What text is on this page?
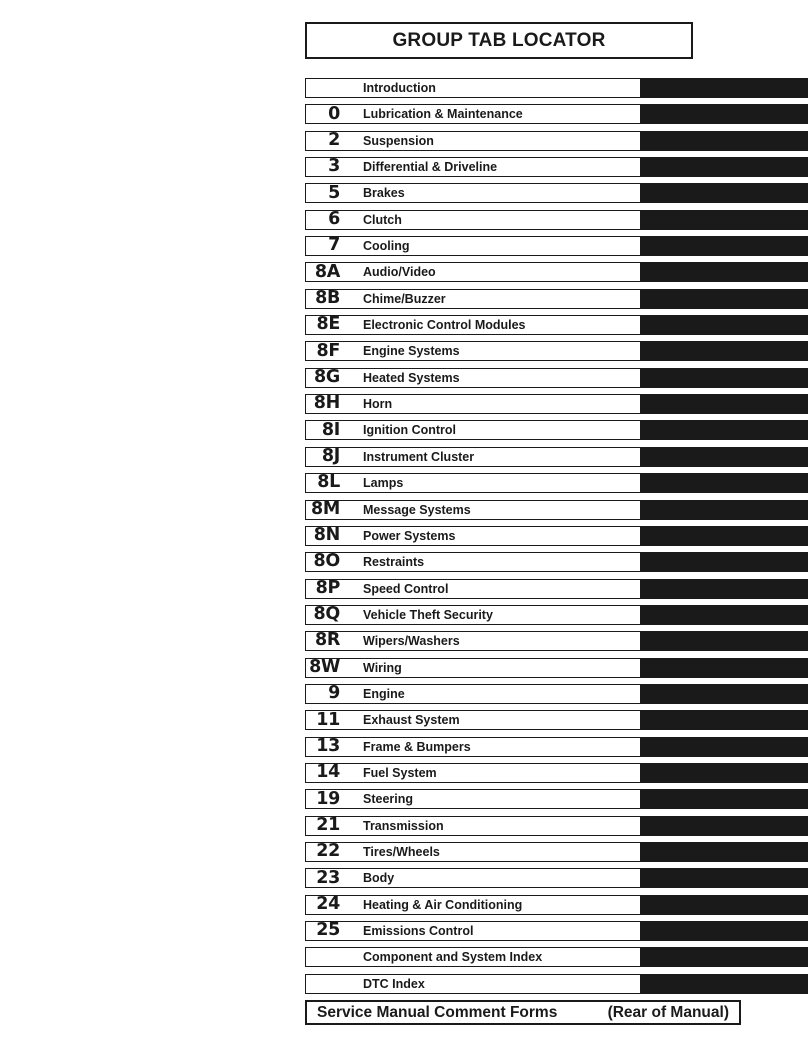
GROUP TAB LOCATOR
Introduction
0 Lubrication & Maintenance
2 Suspension
3 Differential & Driveline
5 Brakes
6 Clutch
7 Cooling
8A Audio/Video
8B Chime/Buzzer
8E Electronic Control Modules
8F Engine Systems
8G Heated Systems
8H Horn
8I Ignition Control
8J Instrument Cluster
8L Lamps
8M Message Systems
8N Power Systems
8O Restraints
8P Speed Control
8Q Vehicle Theft Security
8R Wipers/Washers
8W Wiring
9 Engine
11 Exhaust System
13 Frame & Bumpers
14 Fuel System
19 Steering
21 Transmission
22 Tires/Wheels
23 Body
24 Heating & Air Conditioning
25 Emissions Control
Component and System Index
DTC Index
Service Manual Comment Forms	(Rear of Manual)
